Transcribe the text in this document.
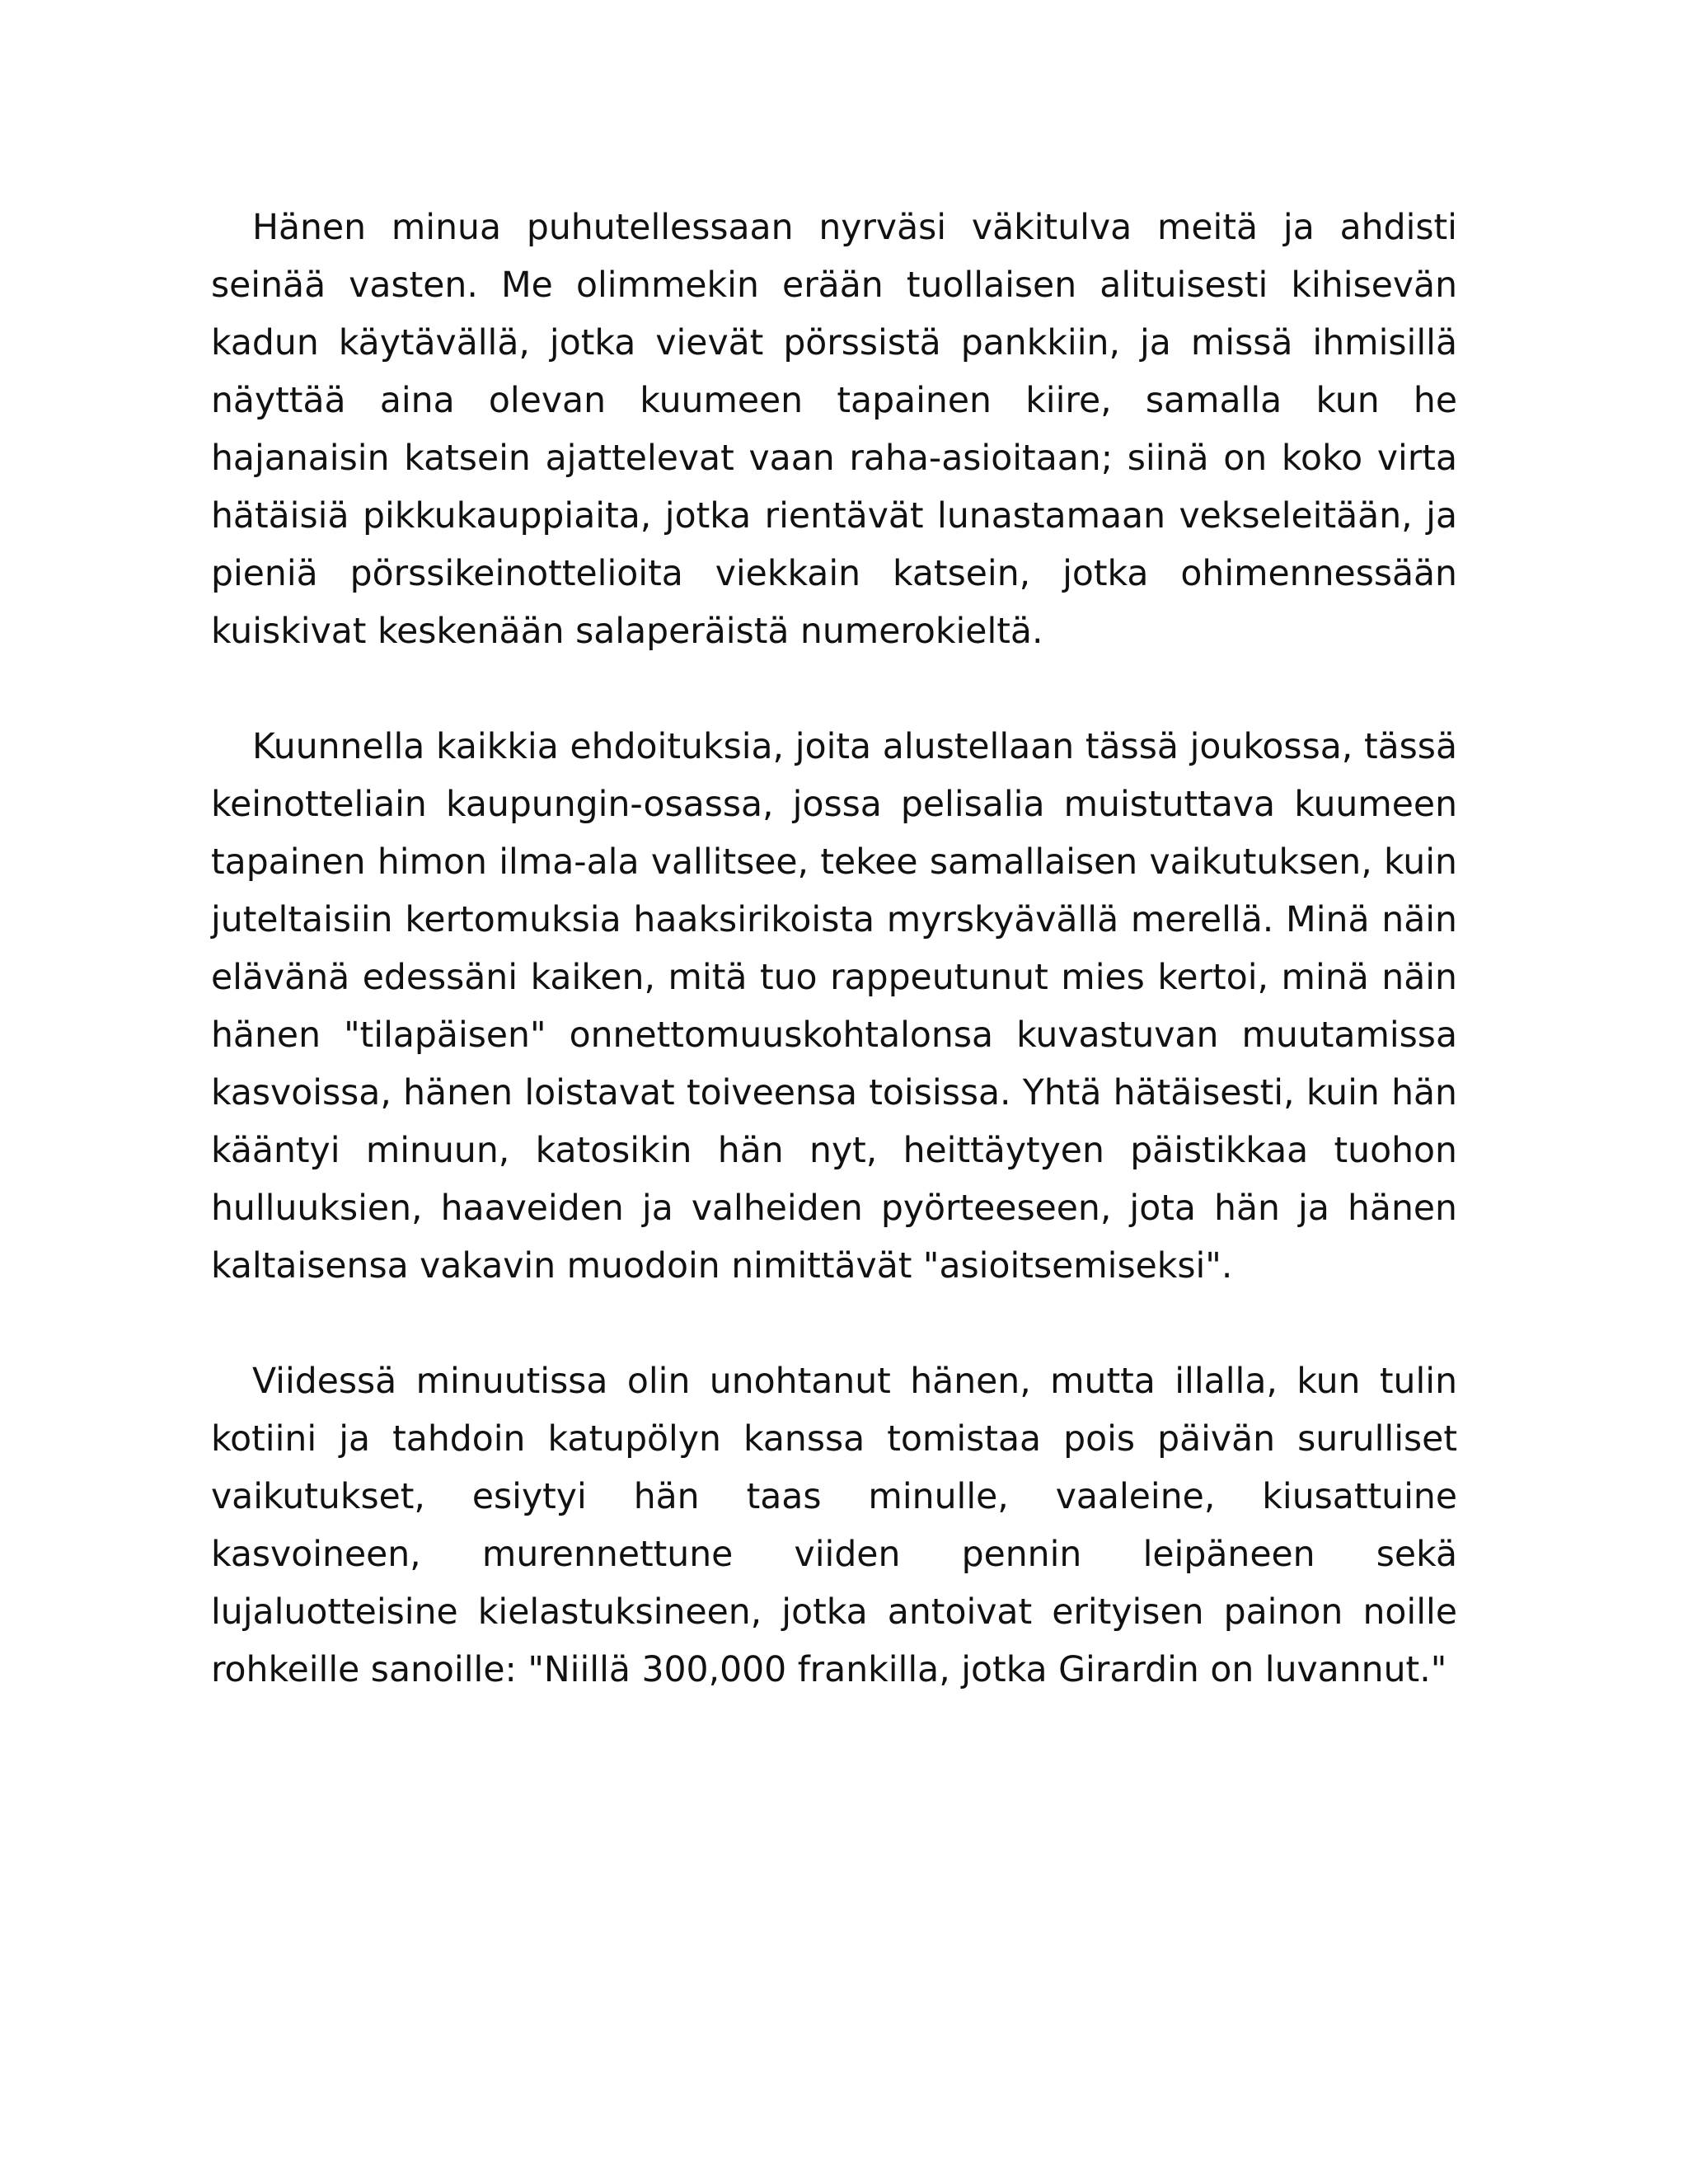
Hänen minua puhutellessaan nyrväsi väkitulva meitä ja ahdisti seinää vasten. Me olimmekin erään tuollaisen alituisesti kihisevän kadun käytävällä, jotka vievät pörssistä pankkiin, ja missä ihmisillä näyttää aina olevan kuumeen tapainen kiire, samalla kun he hajanaisin katsein ajattelevat vaan raha-asioitaan; siinä on koko virta hätäisiä pikkukauppiaita, jotka rientävät lunastamaan vekseleitään, ja pieniä pörssikeinottelioita viekkain katsein, jotka ohimennessään kuiskivat keskenään salaperäistä numerokieltä.

Kuunnella kaikkia ehdoituksia, joita alustellaan tässä joukossa, tässä keinotteliain kaupungin-osassa, jossa pelisalia muistuttava kuumeen tapainen himon ilma-ala vallitsee, tekee samallaisen vaikutuksen, kuin juteltaisiin kertomuksia haaksirikoista myrskyävällä merellä. Minä näin elävänä edessäni kaiken, mitä tuo rappeutunut mies kertoi, minä näin hänen "tilapäisen" onnettomuuskohtalonsa kuvastuvan muutamissa kasvoissa, hänen loistavat toiveensa toisissa. Yhtä hätäisesti, kuin hän kääntyi minuun, katosikin hän nyt, heittäytyen päistikkaa tuohon hulluuksien, haaveiden ja valheiden pyörteeseen, jota hän ja hänen kaltaisensa vakavin muodoin nimittävät "asioitsemiseksi".

Viidessä minuutissa olin unohtanut hänen, mutta illalla, kun tulin kotiini ja tahdoin katupölyn kanssa tomistaa pois päivän surulliset vaikutukset, esiytyi hän taas minulle, vaaleine, kiusattuine kasvoineen, murennettune viiden pennin leipäneen sekä lujaluotteisine kielastuksineen, jotka antoivat erityisen painon noille rohkeille sanoille: "Niillä 300,000 frankilla, jotka Girardin on luvannut."
